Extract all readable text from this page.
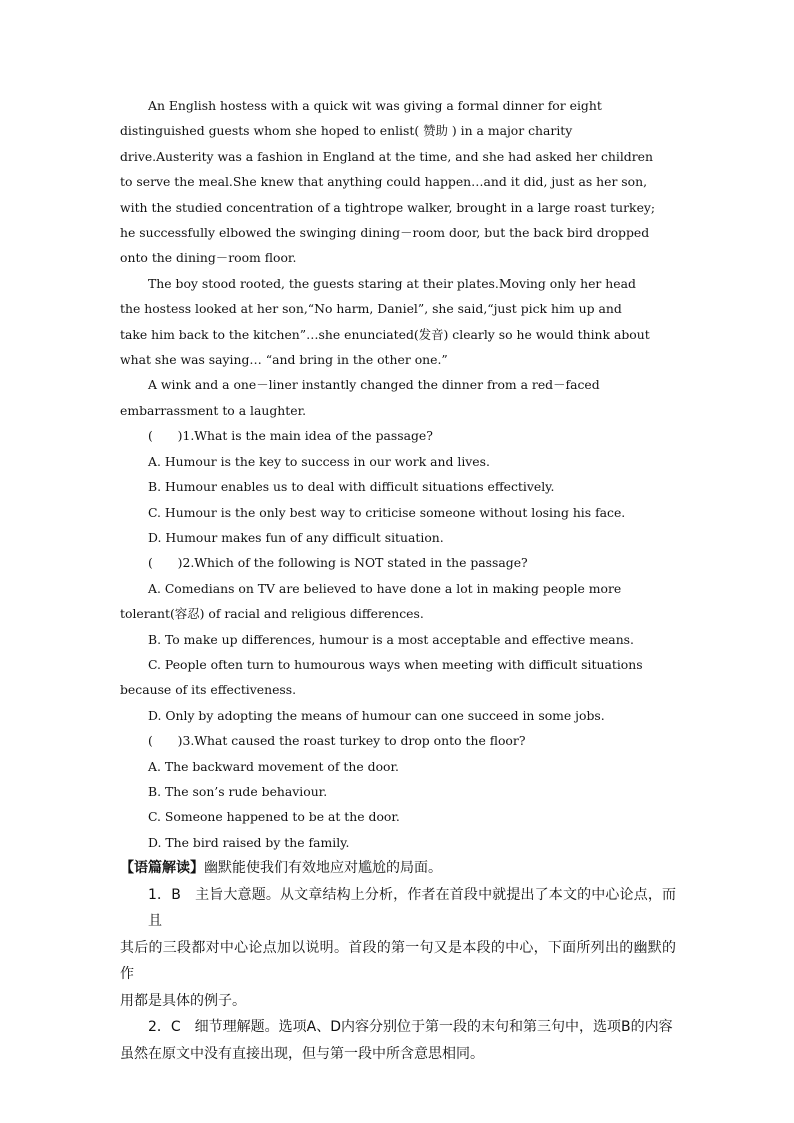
An English hostess with a quick wit was giving a formal dinner for eight

distinguished guests whom she hoped to enlist( 赞助 ) in a major charity

drive.Austerity was a fashion in England at the time, and she had asked her children

to serve the meal.She knew that anything could happen…and it did, just as her son,

with the studied concentration of a tightrope walker, brought in a large roast turkey;

he successfully elbowed the swinging dining－room door, but the back bird dropped

onto the dining－room floor.

The boy stood rooted, the guests staring at their plates.Moving only her head

the hostess looked at her son,“No harm, Daniel”, she said,“just pick him up and

take him back to the kitchen”…she enunciated(发音) clearly so he would think about

what she was saying… “and bring in the other one.”

A wink and a one－liner instantly changed the dinner from a red－faced

embarrassment to a laughter.

(　　)1.What is the main idea of the passage?

A. Humour is the key to success in our work and lives.

B. Humour enables us to deal with difficult situations effectively.

C. Humour is the only best way to criticise someone without losing his face.

D. Humour makes fun of any difficult situation.

(　　)2.Which of the following is NOT stated in the passage?

A. Comedians on TV are believed to have done a lot in making people more

tolerant(容忍) of racial and religious differences.

B. To make up differences, humour is a most acceptable and effective means.

C. People often turn to humourous ways when meeting with difficult situations

because of its effectiveness.

D. Only by adopting the means of humour can one succeed in some jobs.

(　　)3.What caused the roast turkey to drop onto the floor?

A. The backward movement of the door.

B. The son’s rude behaviour.

C. Someone happened to be at the door.

D. The bird raised by the family.

【语篇解读】幽默能使我们有效地应对尴尬的局面。

1．B　主旨大意题。从文章结构上分析，作者在首段中就提出了本文的中心论点，而且

其后的三段都对中心论点加以说明。首段的第一句又是本段的中心，下面所列出的幽默的作

用都是具体的例子。

2．C　细节理解题。选项A、D内容分别位于第一段的末句和第三句中，选项B的内容

虽然在原文中没有直接出现，但与第一段中所含意思相同。
